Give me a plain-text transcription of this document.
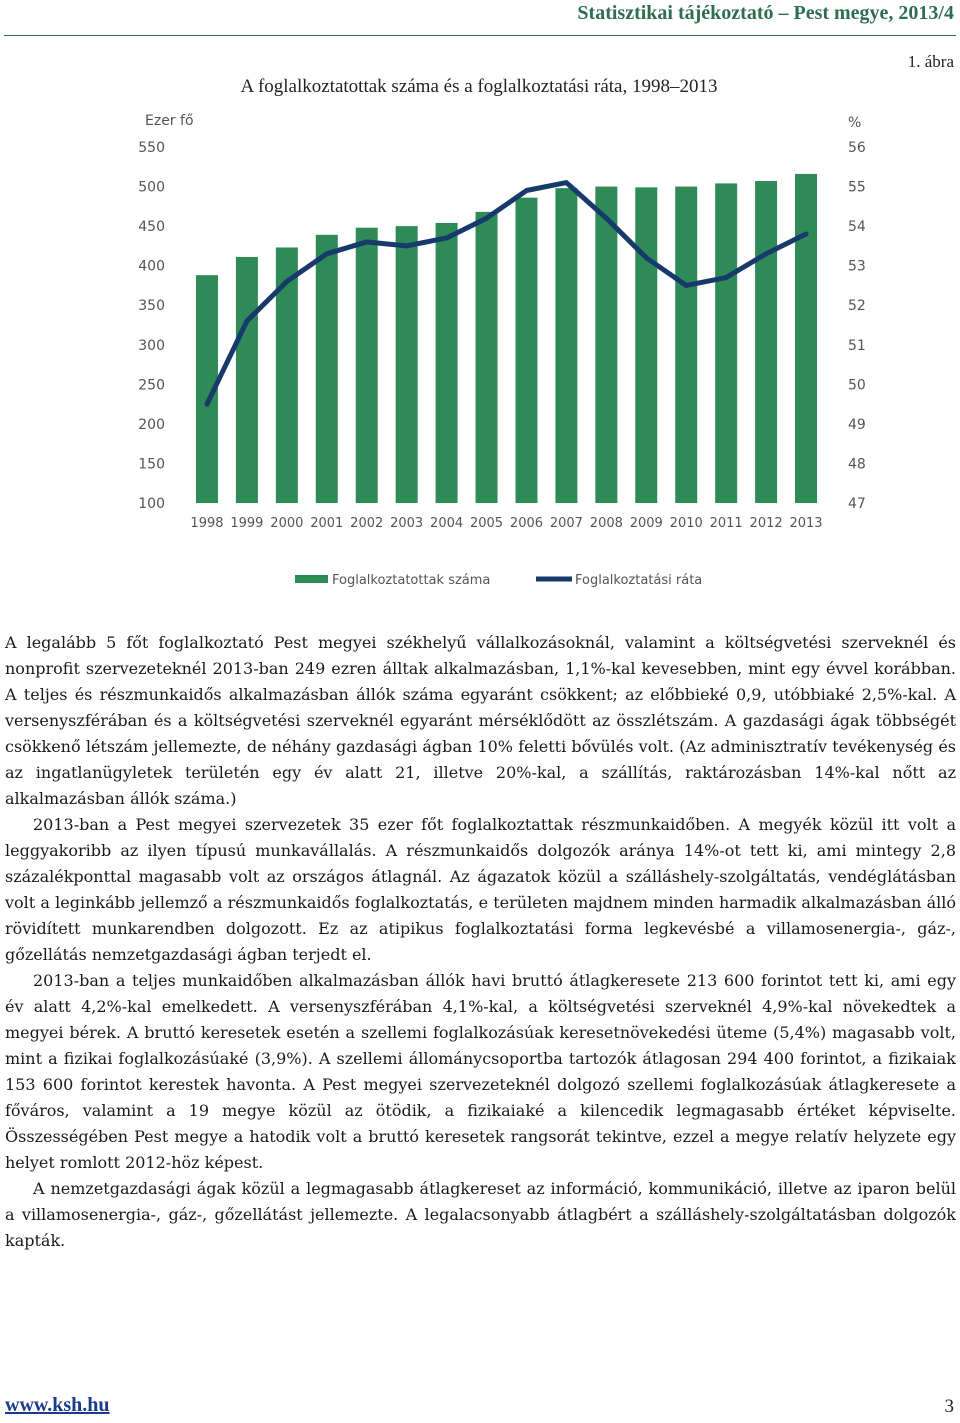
Statisztikai tájékoztató – Pest megye, 2013/4
1. ábra
A foglalkoztatottak száma és a foglalkoztatási ráta, 1998–2013
100
150
200
250
300
350
400
450
500
550
47
48
49
50
51
52
53
54
55
56
1998 1999 2000 2001 2002 2003 2004 2005 2006 2007 2008 2009 2010 2011 2012 2013
Ezer fő	%
Foglalkoztatottak száma	Foglalkoztatási ráta

A legalább 5 főt foglalkoztató Pest megyei székhelyű vállalkozásoknál, valamint a költségvetési szerveknél és nonprofit szervezeteknél 2013-ban 249 ezren álltak alkalmazásban, 1,1%-kal kevesebben, mint egy évvel korábban. A teljes és részmunkaidős alkalmazásban állók száma egyaránt csökkent; az előbbieké 0,9, utóbbiaké 2,5%-kal. A versenyszférában és a költségvetési szerveknél egyaránt mérséklődött az összlétszám. A gazdasági ágak többségét csökkenő létszám jellemezte, de néhány gazdasági ágban 10% feletti bővülés volt. (Az adminisztratív tevékenység és az ingatlanügyletek területén egy év alatt 21, illetve 20%-kal, a szállítás, raktározásban 14%-kal nőtt az alkalmazásban állók száma.)

2013-ban a Pest megyei szervezetek 35 ezer főt foglalkoztattak részmunkaidőben. A megyék közül itt volt a leggyakoribb az ilyen típusú munkavállalás. A részmunkaidős dolgozók aránya 14%-ot tett ki, ami mintegy 2,8 százalékponttal magasabb volt az országos átlagnál. Az ágazatok közül a szálláshely-szolgáltatás, vendéglátásban volt a leginkább jellemző a részmunkaidős foglalkoztatás, e területen majdnem minden harmadik alkalmazásban álló rövidített munkarendben dolgozott. Ez az atipikus foglalkoztatási forma legkevésbé a villamosenergia-, gáz-, gőzellátás nemzetgazdasági ágban terjedt el.

2013-ban a teljes munkaidőben alkalmazásban állók havi bruttó átlagkeresete 213 600 forintot tett ki, ami egy év alatt 4,2%-kal emelkedett. A versenyszférában 4,1%-kal, a költségvetési szerveknél 4,9%-kal növekedtek a megyei bérek. A bruttó keresetek esetén a szellemi foglalkozásúak keresetnövekedési üteme (5,4%) magasabb volt, mint a fizikai foglalkozásúaké (3,9%). A szellemi állománycsoportba tartozók átlagosan 294 400 forintot, a fizikaiak 153 600 forintot kerestek havonta. A Pest megyei szervezeteknél dolgozó szellemi foglalkozásúak átlagkeresete a főváros, valamint a 19 megye közül az ötödik, a fizikaiaké a kilencedik legmagasabb értéket képviselte. Összességében Pest megye a hatodik volt a bruttó keresetek rangsorát tekintve, ezzel a megye relatív helyzete egy helyet romlott 2012-höz képest.

A nemzetgazdasági ágak közül a legmagasabb átlagkereset az információ, kommunikáció, illetve az iparon belül a villamosenergia-, gáz-, gőzellátást jellemezte. A legalacsonyabb átlagbért a szálláshely-szolgáltatásban dolgozók kapták.

www.ksh.hu	3
